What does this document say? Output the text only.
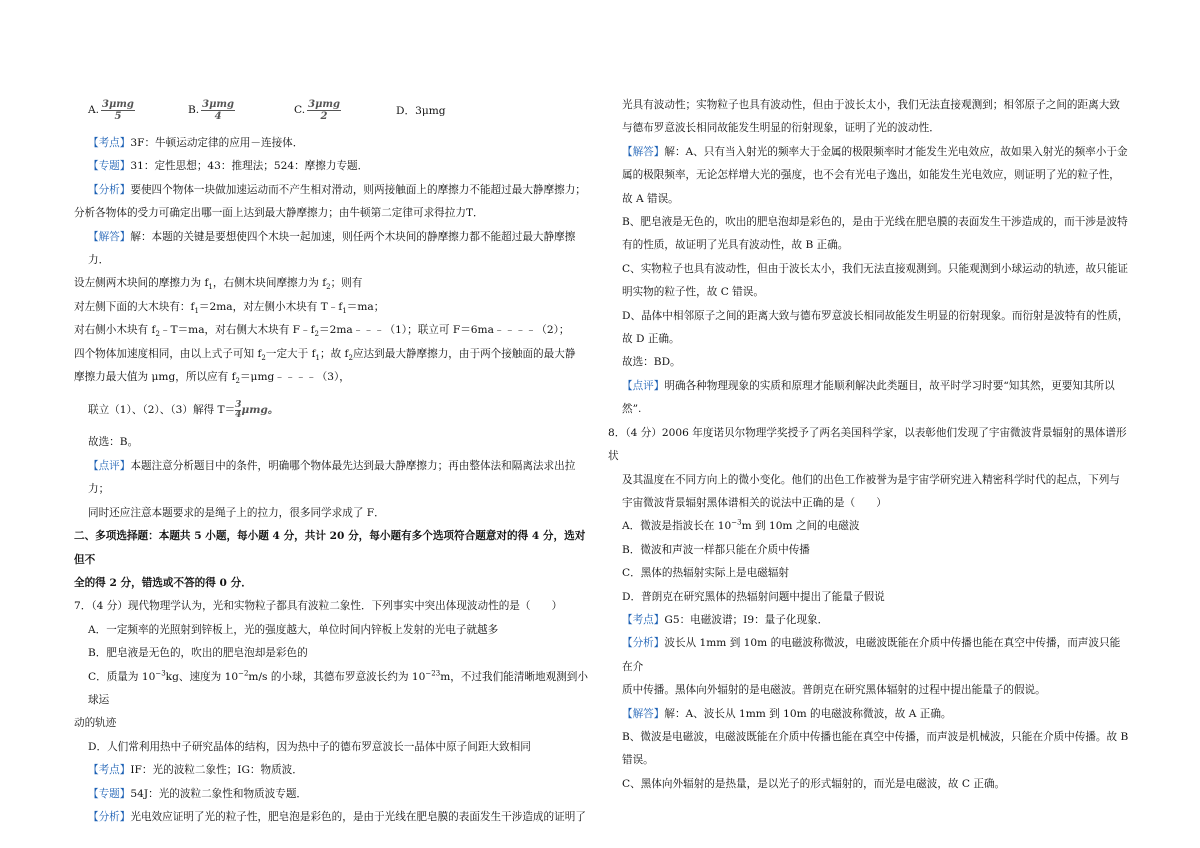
A. $\frac{\text{3μmg}}{5}$	B. $\frac{\text{3μmg}}{4}$	C. $\frac{\text{3μmg}}{2}$	D．3μmg

【考点】3F：牛顿运动定律的应用－连接体．

【专题】31：定性思想；43：推理法；524：摩擦力专题．

【分析】要使四个物体一块做加速运动而不产生相对滑动，则两接触面上的摩擦力不能超过最大静摩擦力；

分析各物体的受力可确定出哪一面上达到最大静摩擦力；由牛顿第二定律可求得拉力T．

【解答】解：本题的关键是要想使四个木块一起加速，则任两个木块间的静摩擦力都不能超过最大静摩擦力．

设左侧两木块间的摩擦力为 $f_1$，右侧木块间摩擦力为 $f_2$；则有

对左侧下面的大木块有：$f_1=2ma$，对左侧小木块有 $T﹣f_1=ma$；

对右侧小木块有 $f_2﹣T=ma$，对右侧大木块有 $F﹣f_2=2ma﹣﹣﹣(1)$；联立可 F＝6ma﹣﹣﹣﹣（2）；

四个物体加速度相同，由以上式子可知 $f_2$一定大于 $f_1$；故 $f_2$应达到最大静摩擦力，由于两个接触面的最大静

摩擦力最大值为 μmg，所以应有 $f_2=\mu mg﹣﹣﹣﹣(3)$，

联立（1）、（2）、（3）解得 $T= \frac{3}{4}$ μmg。

故选：B。

【点评】本题注意分析题目中的条件，明确哪个物体最先达到最大静摩擦力；再由整体法和隔离法求出拉力；

同时还应注意本题要求的是绳子上的拉力，很多同学求成了 F．

二、多项选择题：本题共 5 小题，每小题 4 分，共计 20 分，每小题有多个选项符合题意对的得 4 分，选对但不

全的得 2 分，错选或不答的得 0 分．

7．（4 分）现代物理学认为，光和实物粒子都具有波粒二象性．下列事实中突出体现波动性的是（　　）

A．一定频率的光照射到锌板上，光的强度越大，单位时间内锌板上发射的光电子就越多

B．肥皂液是无色的，吹出的肥皂泡却是彩色的

C．质量为 $10^{-3}kg$、速度为 $10^{-2}m/s$ 的小球，其德布罗意波长约为 $10^{-23}m$，不过我们能清晰地观测到小球运

动的轨迹

D．人们常利用热中子研究晶体的结构，因为热中子的德布罗意波长一晶体中原子间距大致相同

【考点】IF：光的波粒二象性；IG：物质波．

【专题】54J：光的波粒二象性和物质波专题．

【分析】光电效应证明了光的粒子性，肥皂泡是彩色的，是由于光线在肥皂膜的表面发生干涉造成的证明了

光具有波动性；实物粒子也具有波动性，但由于波长太小，我们无法直接观测到；相邻原子之间的距离大致

与德布罗意波长相同故能发生明显的衍射现象，证明了光的波动性．

【解答】解：A、只有当入射光的频率大于金属的极限频率时才能发生光电效应，故如果入射光的频率小于金

属的极限频率，无论怎样增大光的强度，也不会有光电子逸出，如能发生光电效应，则证明了光的粒子性，

故 A 错误。

B、肥皂液是无色的，吹出的肥皂泡却是彩色的，是由于光线在肥皂膜的表面发生干涉造成的，而干涉是波特

有的性质，故证明了光具有波动性，故 B 正确。

C、实物粒子也具有波动性，但由于波长太小，我们无法直接观测到。只能观测到小球运动的轨迹，故只能证

明实物的粒子性，故 C 错误。

D、晶体中相邻原子之间的距离大致与德布罗意波长相同故能发生明显的衍射现象。而衍射是波特有的性质，

故 D 正确。

故选：BD。

【点评】明确各种物理现象的实质和原理才能顺利解决此类题目，故平时学习时要“知其然，更要知其所以

然”.

8．（4 分）2006 年度诺贝尔物理学奖授予了两名美国科学家，以表彰他们发现了宇宙微波背景辐射的黑体谱形状

及其温度在不同方向上的微小变化。他们的出色工作被誉为是宇宙学研究进入精密科学时代的起点，下列与

宇宙微波背景辐射黑体谱相关的说法中正确的是（　　）

A．微波是指波长在 $10^{-3}m$ 到 10m 之间的电磁波

B．微波和声波一样都只能在介质中传播

C．黑体的热辐射实际上是电磁辐射

D．普朗克在研究黑体的热辐射问题中提出了能量子假说

【考点】G5：电磁波谱；I9：量子化现象．

【分析】波长从 1mm 到 10m 的电磁波称微波，电磁波既能在介质中传播也能在真空中传播，而声波只能在介

质中传播。黑体向外辐射的是电磁波。普朗克在研究黑体辐射的过程中提出能量子的假说。

【解答】解：A、波长从 1mm 到 10m 的电磁波称微波，故 A 正确。

B、微波是电磁波，电磁波既能在介质中传播也能在真空中传播，而声波是机械波，只能在介质中传播。故 B

错误。

C、黑体向外辐射的是热量，是以光子的形式辐射的，而光是电磁波，故 C 正确。
